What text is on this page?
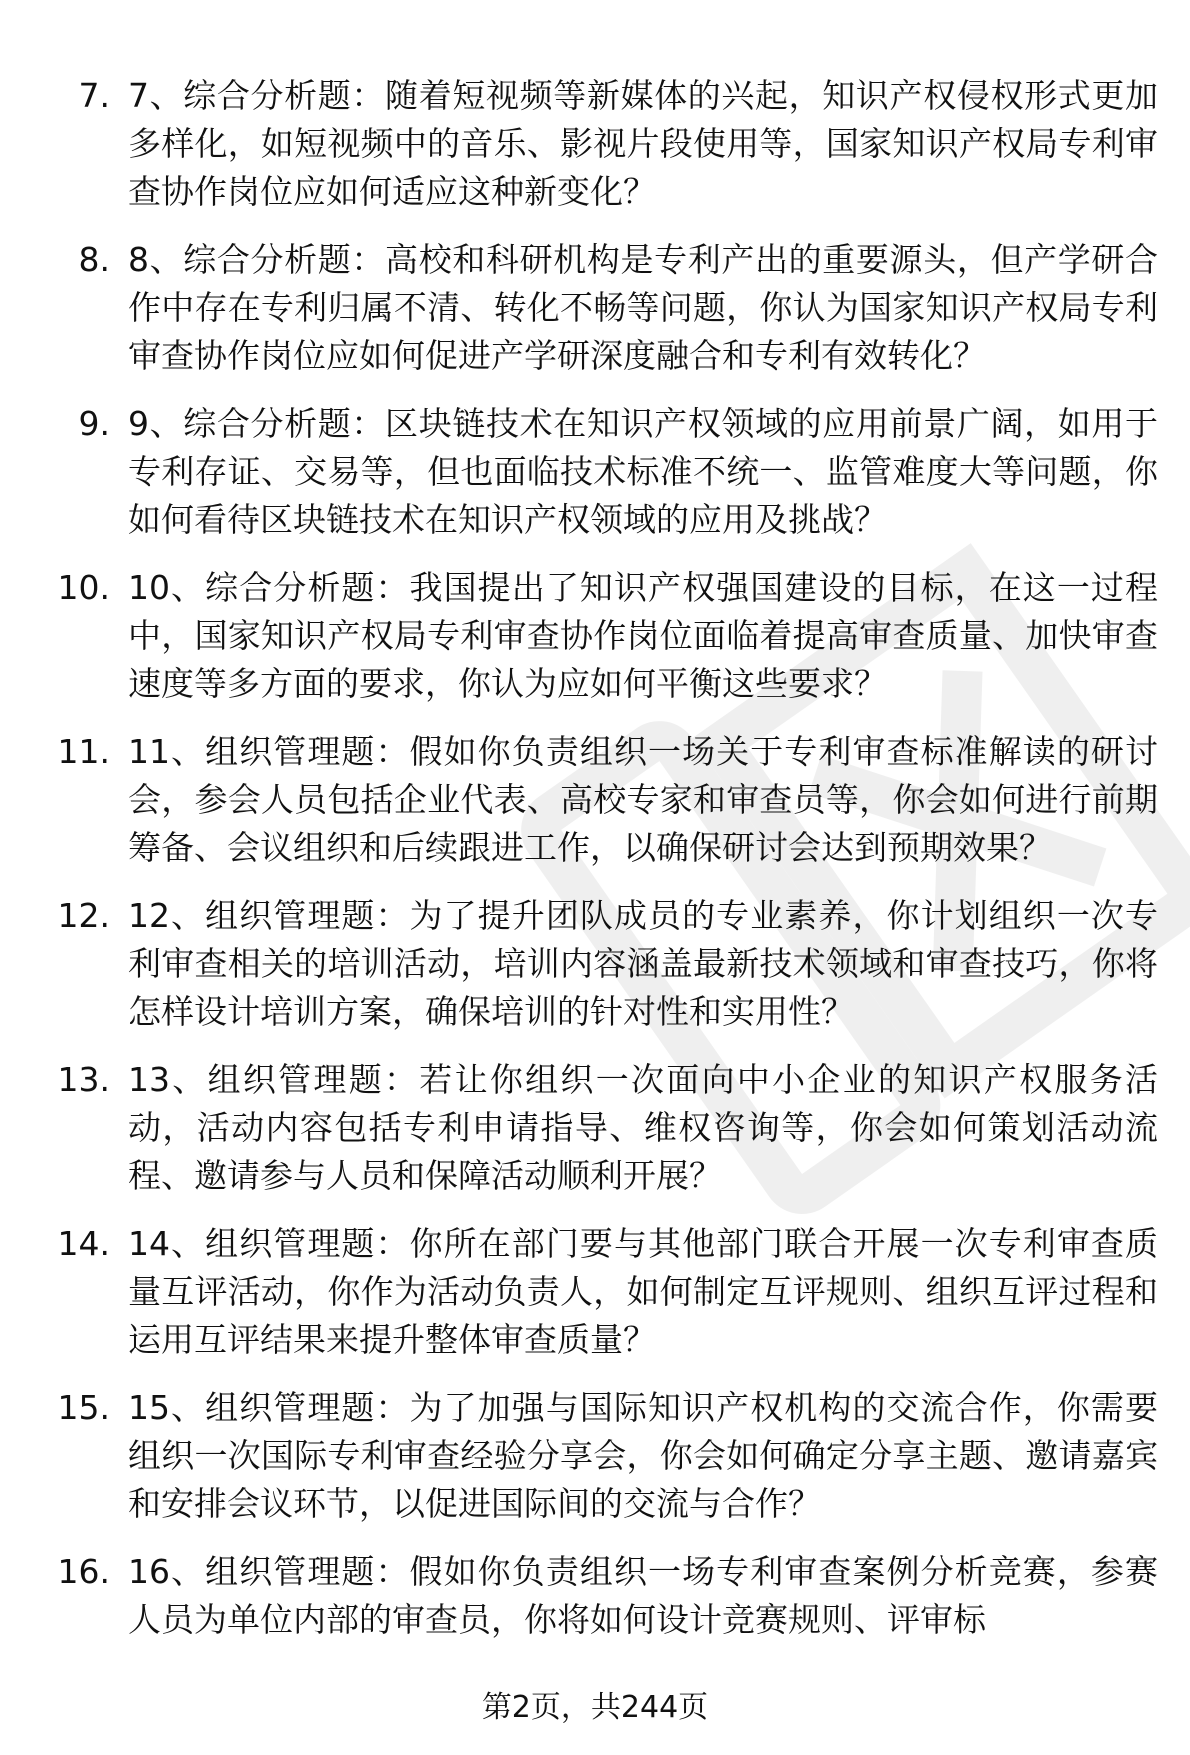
7. 7、综合分析题：随着短视频等新媒体的兴起，知识产权侵权形式更加多样化，如短视频中的音乐、影视片段使用等，国家知识产权局专利审查协作岗位应如何适应这种新变化？
8. 8、综合分析题：高校和科研机构是专利产出的重要源头，但产学研合作中存在专利归属不清、转化不畅等问题，你认为国家知识产权局专利审查协作岗位应如何促进产学研深度融合和专利有效转化？
9. 9、综合分析题：区块链技术在知识产权领域的应用前景广阔，如用于专利存证、交易等，但也面临技术标准不统一、监管难度大等问题，你如何看待区块链技术在知识产权领域的应用及挑战？
10. 10、综合分析题：我国提出了知识产权强国建设的目标，在这一过程中，国家知识产权局专利审查协作岗位面临着提高审查质量、加快审查速度等多方面的要求，你认为应如何平衡这些要求？
11. 11、组织管理题：假如你负责组织一场关于专利审查标准解读的研讨会，参会人员包括企业代表、高校专家和审查员等，你会如何进行前期筹备、会议组织和后续跟进工作，以确保研讨会达到预期效果？
12. 12、组织管理题：为了提升团队成员的专业素养，你计划组织一次专利审查相关的培训活动，培训内容涵盖最新技术领域和审查技巧，你将怎样设计培训方案，确保培训的针对性和实用性？
13. 13、组织管理题：若让你组织一次面向中小企业的知识产权服务活动，活动内容包括专利申请指导、维权咨询等，你会如何策划活动流程、邀请参与人员和保障活动顺利开展？
14. 14、组织管理题：你所在部门要与其他部门联合开展一次专利审查质量互评活动，你作为活动负责人，如何制定互评规则、组织互评过程和运用互评结果来提升整体审查质量？
15. 15、组织管理题：为了加强与国际知识产权机构的交流合作，你需要组织一次国际专利审查经验分享会，你会如何确定分享主题、邀请嘉宾和安排会议环节，以促进国际间的交流与合作？
16. 16、组织管理题：假如你负责组织一场专利审查案例分析竞赛，参赛人员为单位内部的审查员，你将如何设计竞赛规则、评审标
第2页，共244页
